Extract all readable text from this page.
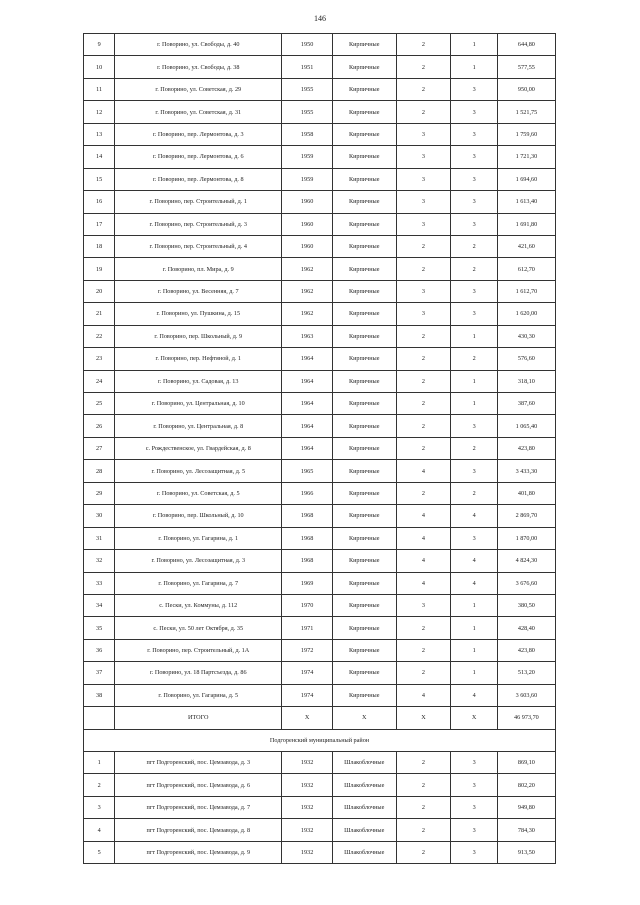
146
9	г. Поворино, ул. Свободы, д. 40	1950	Кирпичные	2	1	644,80
10	г. Поворино, ул. Свободы, д. 38	1951	Кирпичные	2	1	577,55
11	г. Поворино, ул. Советская, д. 29	1955	Кирпичные	2	3	950,00
12	г. Поворино, ул. Советская, д. 31	1955	Кирпичные	2	3	1 521,75
13	г. Поворино, пер. Лермонтова, д. 3	1958	Кирпичные	3	3	1 759,60
14	г. Поворино, пер. Лермонтова, д. 6	1959	Кирпичные	3	3	1 721,30
15	г. Поворино, пер. Лермонтова, д. 8	1959	Кирпичные	3	3	1 694,60
16	г. Поворино, пер. Строительный, д. 1	1960	Кирпичные	3	3	1 613,40
17	г. Поворино, пер. Строительный, д. 3	1960	Кирпичные	3	3	1 691,80
18	г. Поворино, пер. Строительный, д. 4	1960	Кирпичные	2	2	421,60
19	г. Поворино, пл. Мира, д. 9	1962	Кирпичные	2	2	612,70
20	г. Поворино, ул. Весенняя, д. 7	1962	Кирпичные	3	3	1 612,70
21	г. Поворино, ул. Пушкина, д. 15	1962	Кирпичные	3	3	1 620,00
22	г. Поворино, пер. Школьный, д. 9	1963	Кирпичные	2	1	430,30
23	г. Поворино, пер. Нефтяной, д. 1	1964	Кирпичные	2	2	576,60
24	г. Поворино, ул. Садовая, д. 13	1964	Кирпичные	2	1	318,10
25	г. Поворино, ул. Центральная, д. 10	1964	Кирпичные	2	1	387,60
26	г. Поворино, ул. Центральная, д. 8	1964	Кирпичные	2	3	1 065,40
27	с. Рождественское, ул. Гвардейская, д. 8	1964	Кирпичные	2	2	423,80
28	г. Поворино, ул. Лесозащитная, д. 5	1965	Кирпичные	4	3	3 433,30
29	г. Поворино, ул. Советская, д. 5	1966	Кирпичные	2	2	401,80
30	г. Поворино, пер. Школьный, д. 10	1968	Кирпичные	4	4	2 869,70
31	г. Поворино, ул. Гагарина, д. 1	1968	Кирпичные	4	3	1 870,00
32	г. Поворино, ул. Лесозащитная, д. 3	1968	Кирпичные	4	4	4 824,30
33	г. Поворино, ул. Гагарина, д. 7	1969	Кирпичные	4	4	3 676,60
34	с. Пески, ул. Коммуны, д. 112	1970	Кирпичные	3	1	380,50
35	с. Пески, ул. 50 лет Октября, д. 35	1971	Кирпичные	2	1	428,40
36	г. Поворино, пер. Строительный, д. 1А	1972	Кирпичные	2	1	423,80
37	г. Поворино, ул. 18 Партсъезда, д. 86	1974	Кирпичные	2	1	513,20
38	г. Поворино, ул. Гагарина, д. 5	1974	Кирпичные	4	4	3 603,60
	ИТОГО	X	X	X	X	46 973,70
Подгоренский муниципальный район						
1	пгт Подгоренский, пос. Цемзавода, д. 3	1932	Шлакоблочные	2	3	869,10
2	пгт Подгоренский, пос. Цемзавода, д. 6	1932	Шлакоблочные	2	3	802,20
3	пгт Подгоренский, пос. Цемзавода, д. 7	1932	Шлакоблочные	2	3	949,80
4	пгт Подгоренский, пос. Цемзавода, д. 8	1932	Шлакоблочные	2	3	784,30
5	пгт Подгоренский, пос. Цемзавода, д. 9	1932	Шлакоблочные	2	3	913,50
